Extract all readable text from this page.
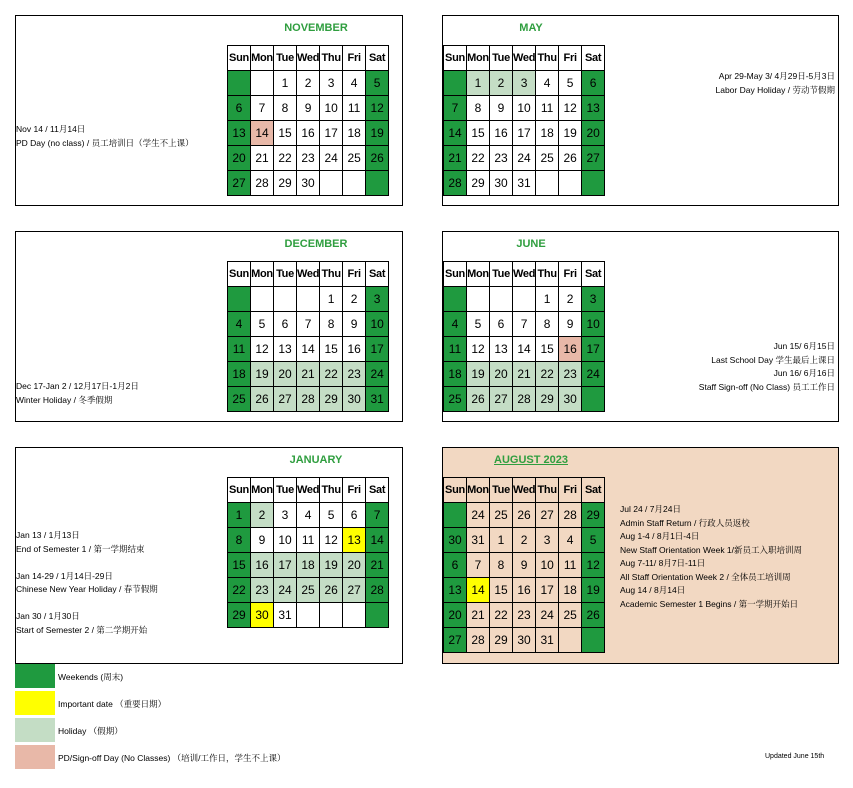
NOVEMBER
Sun	Mon	Tue	Wed	Thu	Fri	Sat
		1	2	3	4	5
6	7	8	9	10	11	12
13	14	15	16	17	18	19
20	21	22	23	24	25	26
27	28	29	30			
Nov 14 / 11月14日
PD Day (no class) / 员工培训日（学生不上课）
MAY
Sun	Mon	Tue	Wed	Thu	Fri	Sat
	1	2	3	4	5	6
7	8	9	10	11	12	13
14	15	16	17	18	19	20
21	22	23	24	25	26	27
28	29	30	31			
Apr 29-May 3/ 4月29日-5月3日
Labor Day Holiday / 劳动节假期
DECEMBER
Sun	Mon	Tue	Wed	Thu	Fri	Sat
				1	2	3
4	5	6	7	8	9	10
11	12	13	14	15	16	17
18	19	20	21	22	23	24
25	26	27	28	29	30	31
Dec 17-Jan 2 / 12月17日-1月2日
Winter Holiday / 冬季假期
JUNE
Sun	Mon	Tue	Wed	Thu	Fri	Sat
				1	2	3
4	5	6	7	8	9	10
11	12	13	14	15	16	17
18	19	20	21	22	23	24
25	26	27	28	29	30	
Jun 15/ 6月15日
Last School Day 学生最后上课日
Jun 16/ 6月16日
Staff Sign-off (No Class) 员工工作日
JANUARY
Sun	Mon	Tue	Wed	Thu	Fri	Sat
1	2	3	4	5	6	7
8	9	10	11	12	13	14
15	16	17	18	19	20	21
22	23	24	25	26	27	28
29	30	31				
Jan 13 / 1月13日
End of Semester 1 / 第一学期结束

Jan 14-29 / 1月14日-29日
Chinese New Year Holiday / 春节假期

Jan 30 / 1月30日
Start of Semester 2 / 第二学期开始
AUGUST 2023
Sun	Mon	Tue	Wed	Thu	Fri	Sat
	24	25	26	27	28	29
30	31	1	2	3	4	5
6	7	8	9	10	11	12
13	14	15	16	17	18	19
20	21	22	23	24	25	26
27	28	29	30	31		
Jul 24 / 7月24日
Admin Staff Return / 行政人员返校
Aug 1-4 / 8月1日-4日
New Staff Orientation Week 1/新员工入职培训周
Aug 7-11/ 8月7日-11日
All Staff Orientation Week 2 / 全体员工培训周
Aug 14 / 8月14日
Academic Semester 1 Begins / 第一学期开始日
Weekends (周末)
Important date （重要日期）
Holiday （假期）
PD/Sign-off Day (No Classes) （培训/工作日，学生不上课）	Updated June 15th
